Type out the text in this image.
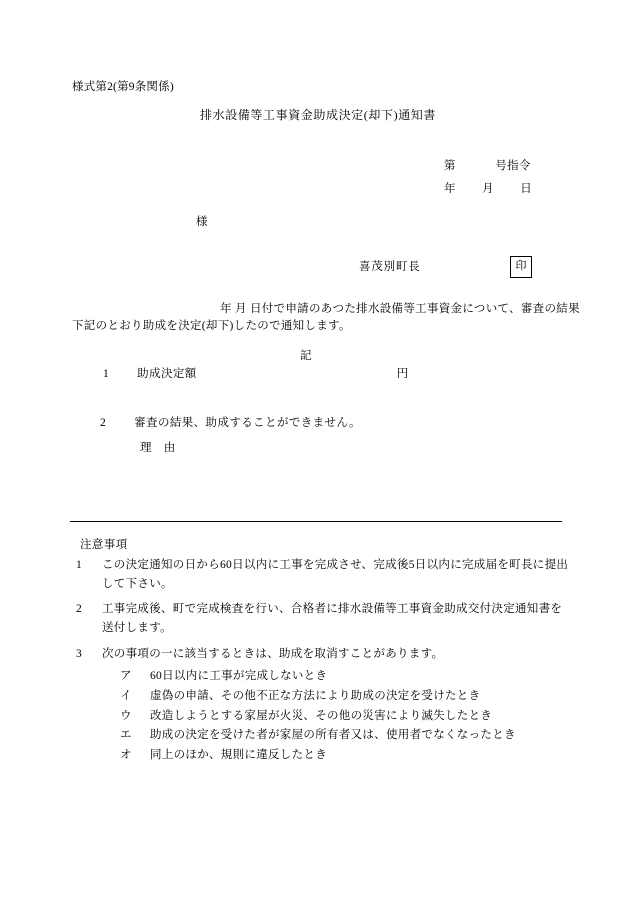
様式第2(第9条関係)
排水設備等工事資金助成決定(却下)通知書
第            号指令
年        月        日
様
喜茂別町長	印
年 月 日付で申請のあつた排水設備等工事資金について、審査の結果下記のとおり助成を決定(却下)したので通知します。
記
1 助成決定額	円
2 審査の結果、助成することができません。
理　由
注意事項
1 この決定通知の日から60日以内に工事を完成させ、完成後5日以内に完成届を町長に提出して下さい。
2 工事完成後、町で完成検査を行い、合格者に排水設備等工事資金助成交付決定通知書を送付します。
3 次の事項の一に該当するときは、助成を取消すことがあります。
ア 60日以内に工事が完成しないとき
イ 虚偽の申請、その他不正な方法により助成の決定を受けたとき
ウ 改造しようとする家屋が火災、その他の災害により滅失したとき
エ 助成の決定を受けた者が家屋の所有者又は、使用者でなくなったとき
オ 同上のほか、規則に違反したとき
